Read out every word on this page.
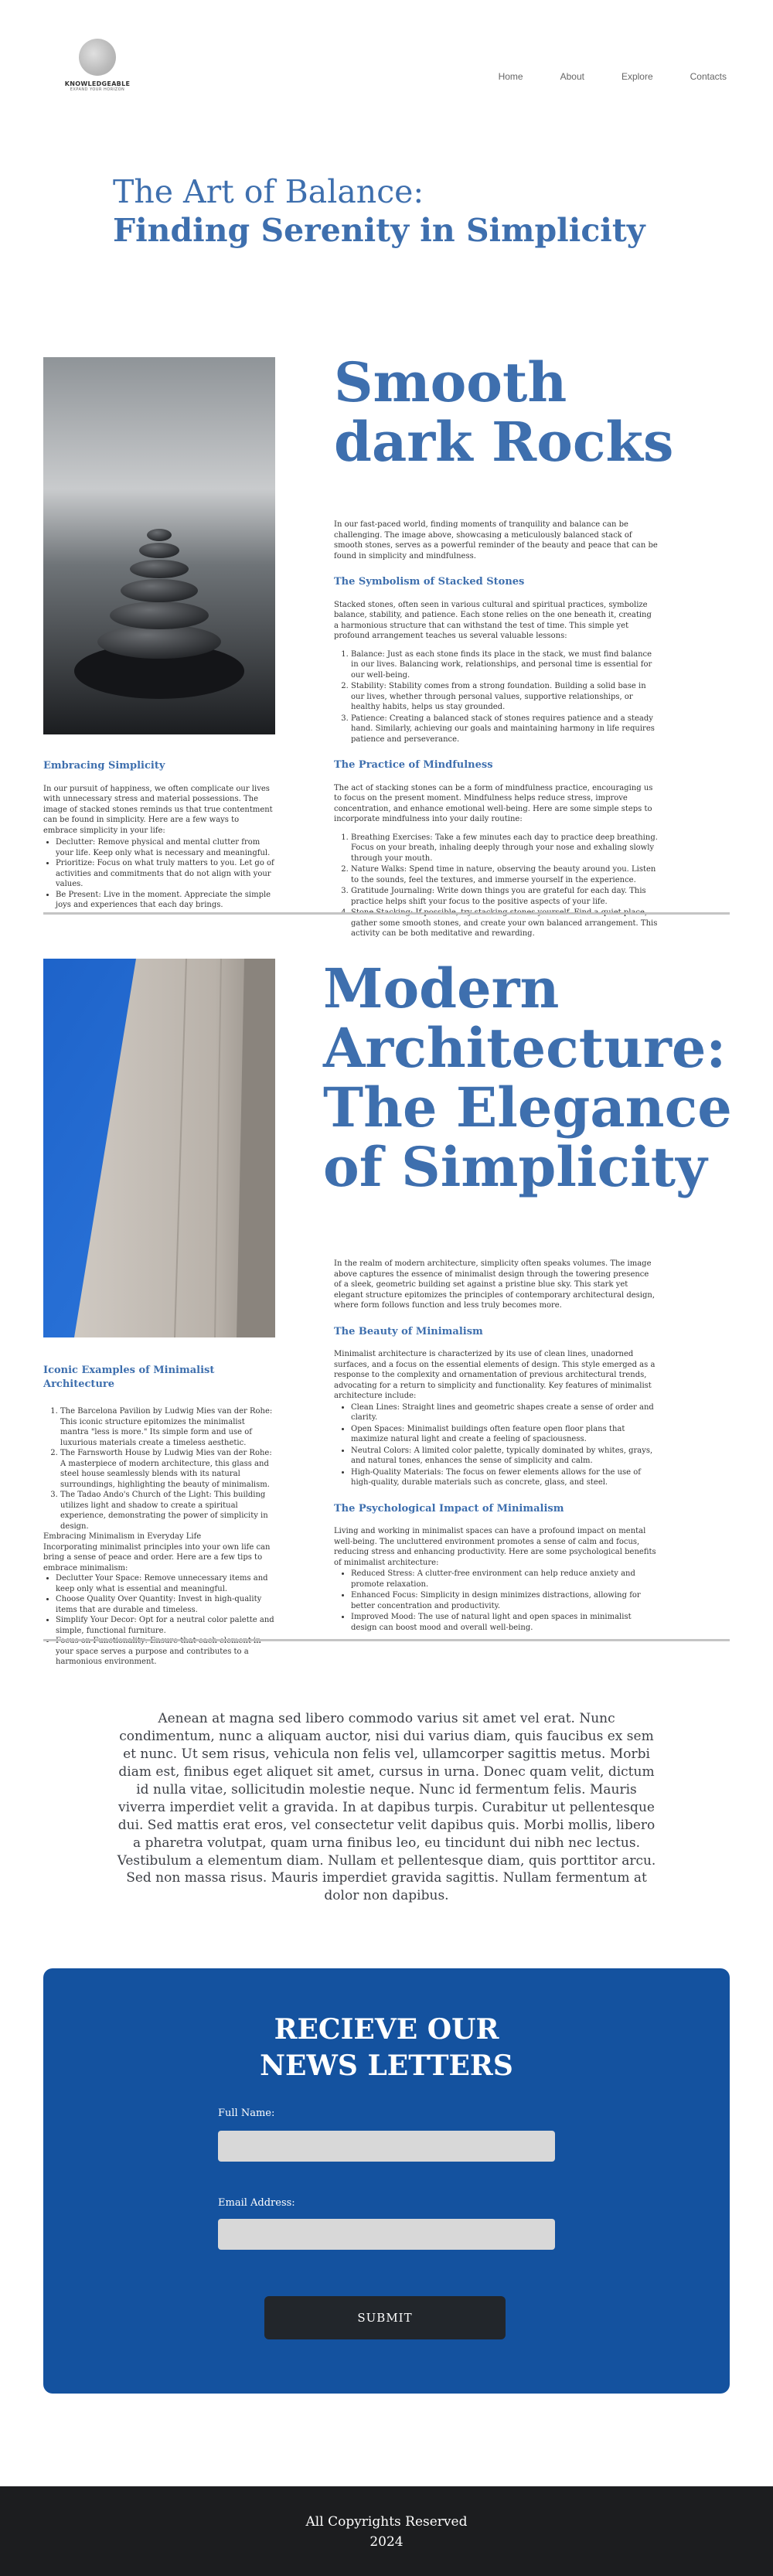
KNOWLEDGEABLE
EXPAND YOUR HORIZON
Home	About	Explore	Contacts
The Art of Balance:
Finding Serenity in Simplicity
Smooth
dark Rocks

In our fast-paced world, finding moments of tranquility and balance can be challenging. The image above, showcasing a meticulously balanced stack of smooth stones, serves as a powerful reminder of the beauty and peace that can be found in simplicity and mindfulness.

The Symbolism of Stacked Stones

Stacked stones, often seen in various cultural and spiritual practices, symbolize balance, stability, and patience. Each stone relies on the one beneath it, creating a harmonious structure that can withstand the test of time. This simple yet profound arrangement teaches us several valuable lessons:

1. Balance: Just as each stone finds its place in the stack, we must find balance in our lives. Balancing work, relationships, and personal time is essential for our well-being.
2. Stability: Stability comes from a strong foundation. Building a solid base in our lives, whether through personal values, supportive relationships, or healthy habits, helps us stay grounded.
3. Patience: Creating a balanced stack of stones requires patience and a steady hand. Similarly, achieving our goals and maintaining harmony in life requires patience and perseverance.
The Practice of Mindfulness

The act of stacking stones can be a form of mindfulness practice, encouraging us to focus on the present moment. Mindfulness helps reduce stress, improve concentration, and enhance emotional well-being. Here are some simple steps to incorporate mindfulness into your daily routine:

1. Breathing Exercises: Take a few minutes each day to practice deep breathing. Focus on your breath, inhaling deeply through your nose and exhaling slowly through your mouth.
2. Nature Walks: Spend time in nature, observing the beauty around you. Listen to the sounds, feel the textures, and immerse yourself in the experience.
3. Gratitude Journaling: Write down things you are grateful for each day. This practice helps shift your focus to the positive aspects of your life.
4. gather some smooth stones, and create your own balanced arrangement. This activity can be both meditative and rewarding.
Embracing Simplicity

In our pursuit of happiness, we often complicate our lives with unnecessary stress and material possessions. The image of stacked stones reminds us that true contentment can be found in simplicity. Here are a few ways to embrace simplicity in your life:

• Declutter: Remove physical and mental clutter from your life. Keep only what is necessary and meaningful.
• Prioritize: Focus on what truly matters to you. Let go of activities and commitments that do not align with your values.
• Be Present: Live in the moment. Appreciate the simple joys and experiences that each day brings.
Modern
Architecture:
The Elegance
of Simplicity

In the realm of modern architecture, simplicity often speaks volumes. The image above captures the essence of minimalist design through the towering presence of a sleek, geometric building set against a pristine blue sky. This stark yet elegant structure epitomizes the principles of contemporary architectural design, where form follows function and less truly becomes more.

The Beauty of Minimalism

Minimalist architecture is characterized by its use of clean lines, unadorned surfaces, and a focus on the essential elements of design. This style emerged as a response to the complexity and ornamentation of previous architectural trends, advocating for a return to simplicity and functionality. Key features of minimalist architecture include:

• Clean Lines: Straight lines and geometric shapes create a sense of order and clarity.
• Open Spaces: Minimalist buildings often feature open floor plans that maximize natural light and create a feeling of spaciousness.
• Neutral Colors: A limited color palette, typically dominated by whites, grays, and natural tones, enhances the sense of simplicity and calm.
• High-Quality Materials: The focus on fewer elements allows for the use of high-quality, durable materials such as concrete, glass, and steel.
The Psychological Impact of Minimalism

Living and working in minimalist spaces can have a profound impact on mental well-being. The uncluttered environment promotes a sense of calm and focus, reducing stress and enhancing productivity. Here are some psychological benefits of minimalist architecture:

• Reduced Stress: A clutter-free environment can help reduce anxiety and promote relaxation.
• Enhanced Focus: Simplicity in design minimizes distractions, allowing for better concentration and productivity.
• Improved Mood: The use of natural light and open spaces in minimalist design can boost mood and overall well-being.
Iconic Examples of Minimalist Architecture
1. The Barcelona Pavilion by Ludwig Mies van der Rohe: This iconic structure epitomizes the minimalist mantra "less is more." Its simple form and use of luxurious materials create a timeless aesthetic.
2. The Farnsworth House by Ludwig Mies van der Rohe: A masterpiece of modern architecture, this glass and steel house seamlessly blends with its natural surroundings, highlighting the beauty of minimalism.
3. The Tadao Ando's Church of the Light: This building utilizes light and shadow to create a spiritual experience, demonstrating the power of simplicity in design.
Embracing Minimalism in Everyday Life
Incorporating minimalist principles into your own life can bring a sense of peace and order. Here are a few tips to embrace minimalism:
• Declutter Your Space: Remove unnecessary items and keep only what is essential and meaningful.
• Choose Quality Over Quantity: Invest in high-quality items that are durable and timeless.
• Simplify Your Decor: Opt for a neutral color palette and simple, functional furniture.
• your space serves a purpose and contributes to a harmonious environment.

Aenean at magna sed libero commodo varius sit amet vel erat. Nunc condimentum, nunc a aliquam auctor, nisi dui varius diam, quis faucibus ex sem et nunc. Ut sem risus, vehicula non felis vel, ullamcorper sagittis metus. Morbi diam est, finibus eget aliquet sit amet, cursus in urna. Donec quam velit, dictum id nulla vitae, sollicitudin molestie neque. Nunc id fermentum felis. Mauris viverra imperdiet velit a gravida. In at dapibus turpis. Curabitur ut pellentesque dui. Sed mattis erat eros, vel consectetur velit dapibus quis. Morbi mollis, libero a pharetra volutpat, quam urna finibus leo, eu tincidunt dui nibh nec lectus. Vestibulum a elementum diam. Nullam et pellentesque diam, quis porttitor arcu. Sed non massa risus. Mauris imperdiet gravida sagittis. Nullam fermentum at dolor non dapibus.

RECIEVE OUR
NEWS LETTERS
Full Name:
Email Address:
SUBMIT
All Copyrights Reserved
2024
